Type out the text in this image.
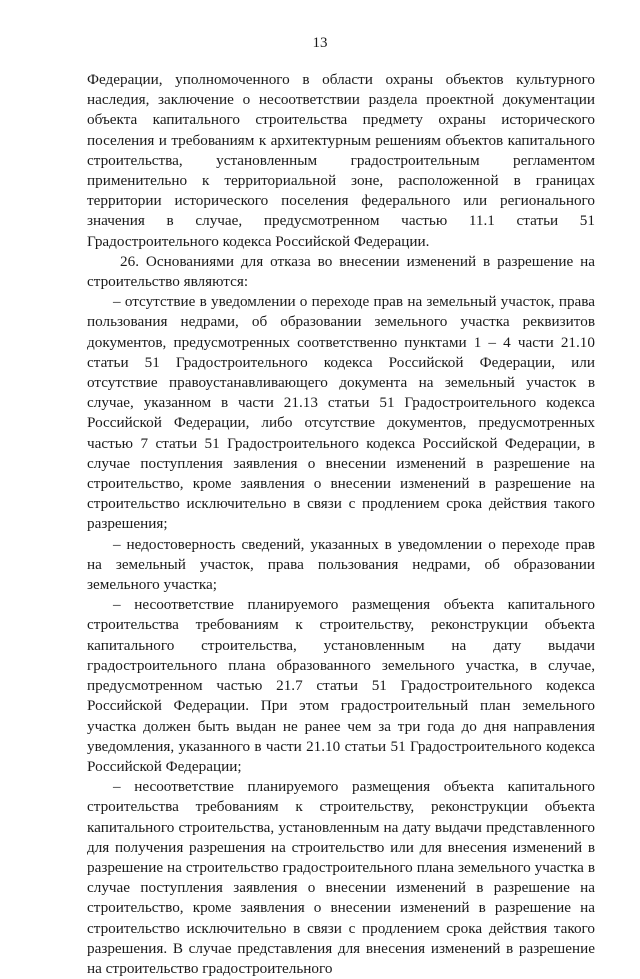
13

Федерации, уполномоченного в области охраны объектов культурного наследия, заключение о несоответствии раздела проектной документации объекта капитального строительства предмету охраны исторического поселения и требованиям к архитектурным решениям объектов капитального строительства, установленным градостроительным регламентом применительно к территориальной зоне, расположенной в границах территории исторического поселения федерального или регионального значения в случае, предусмотренном частью 11.1 статьи 51 Градостроительного кодекса Российской Федерации.

26. Основаниями для отказа во внесении изменений в разрешение на строительство являются:

– отсутствие в уведомлении о переходе прав на земельный участок, права пользования недрами, об образовании земельного участка реквизитов документов, предусмотренных соответственно пунктами 1 – 4 части 21.10 статьи 51 Градостроительного кодекса Российской Федерации, или отсутствие правоустанавливающего документа на земельный участок в случае, указанном в части 21.13 статьи 51 Градостроительного кодекса Российской Федерации, либо отсутствие документов, предусмотренных частью 7 статьи 51 Градостроительного кодекса Российской Федерации, в случае поступления заявления о внесении изменений в разрешение на строительство, кроме заявления о внесении изменений в разрешение на строительство исключительно в связи с продлением срока действия такого разрешения;

– недостоверность сведений, указанных в уведомлении о переходе прав на земельный участок, права пользования недрами, об образовании земельного участка;

– несоответствие планируемого размещения объекта капитального строительства требованиям к строительству, реконструкции объекта капитального строительства, установленным на дату выдачи градостроительного плана образованного земельного участка, в случае, предусмотренном частью 21.7 статьи 51 Градостроительного кодекса Российской Федерации. При этом градостроительный план земельного участка должен быть выдан не ранее чем за три года до дня направления уведомления, указанного в части 21.10 статьи 51 Градостроительного кодекса Российской Федерации;

– несоответствие планируемого размещения объекта капитального строительства требованиям к строительству, реконструкции объекта капитального строительства, установленным на дату выдачи представленного для получения разрешения на строительство или для внесения изменений в разрешение на строительство градостроительного плана земельного участка в случае поступления заявления о внесении изменений в разрешение на строительство, кроме заявления о внесении изменений в разрешение на строительство исключительно в связи с продлением срока действия такого разрешения. В случае представления для внесения изменений в разрешение на строительство градостроительного
